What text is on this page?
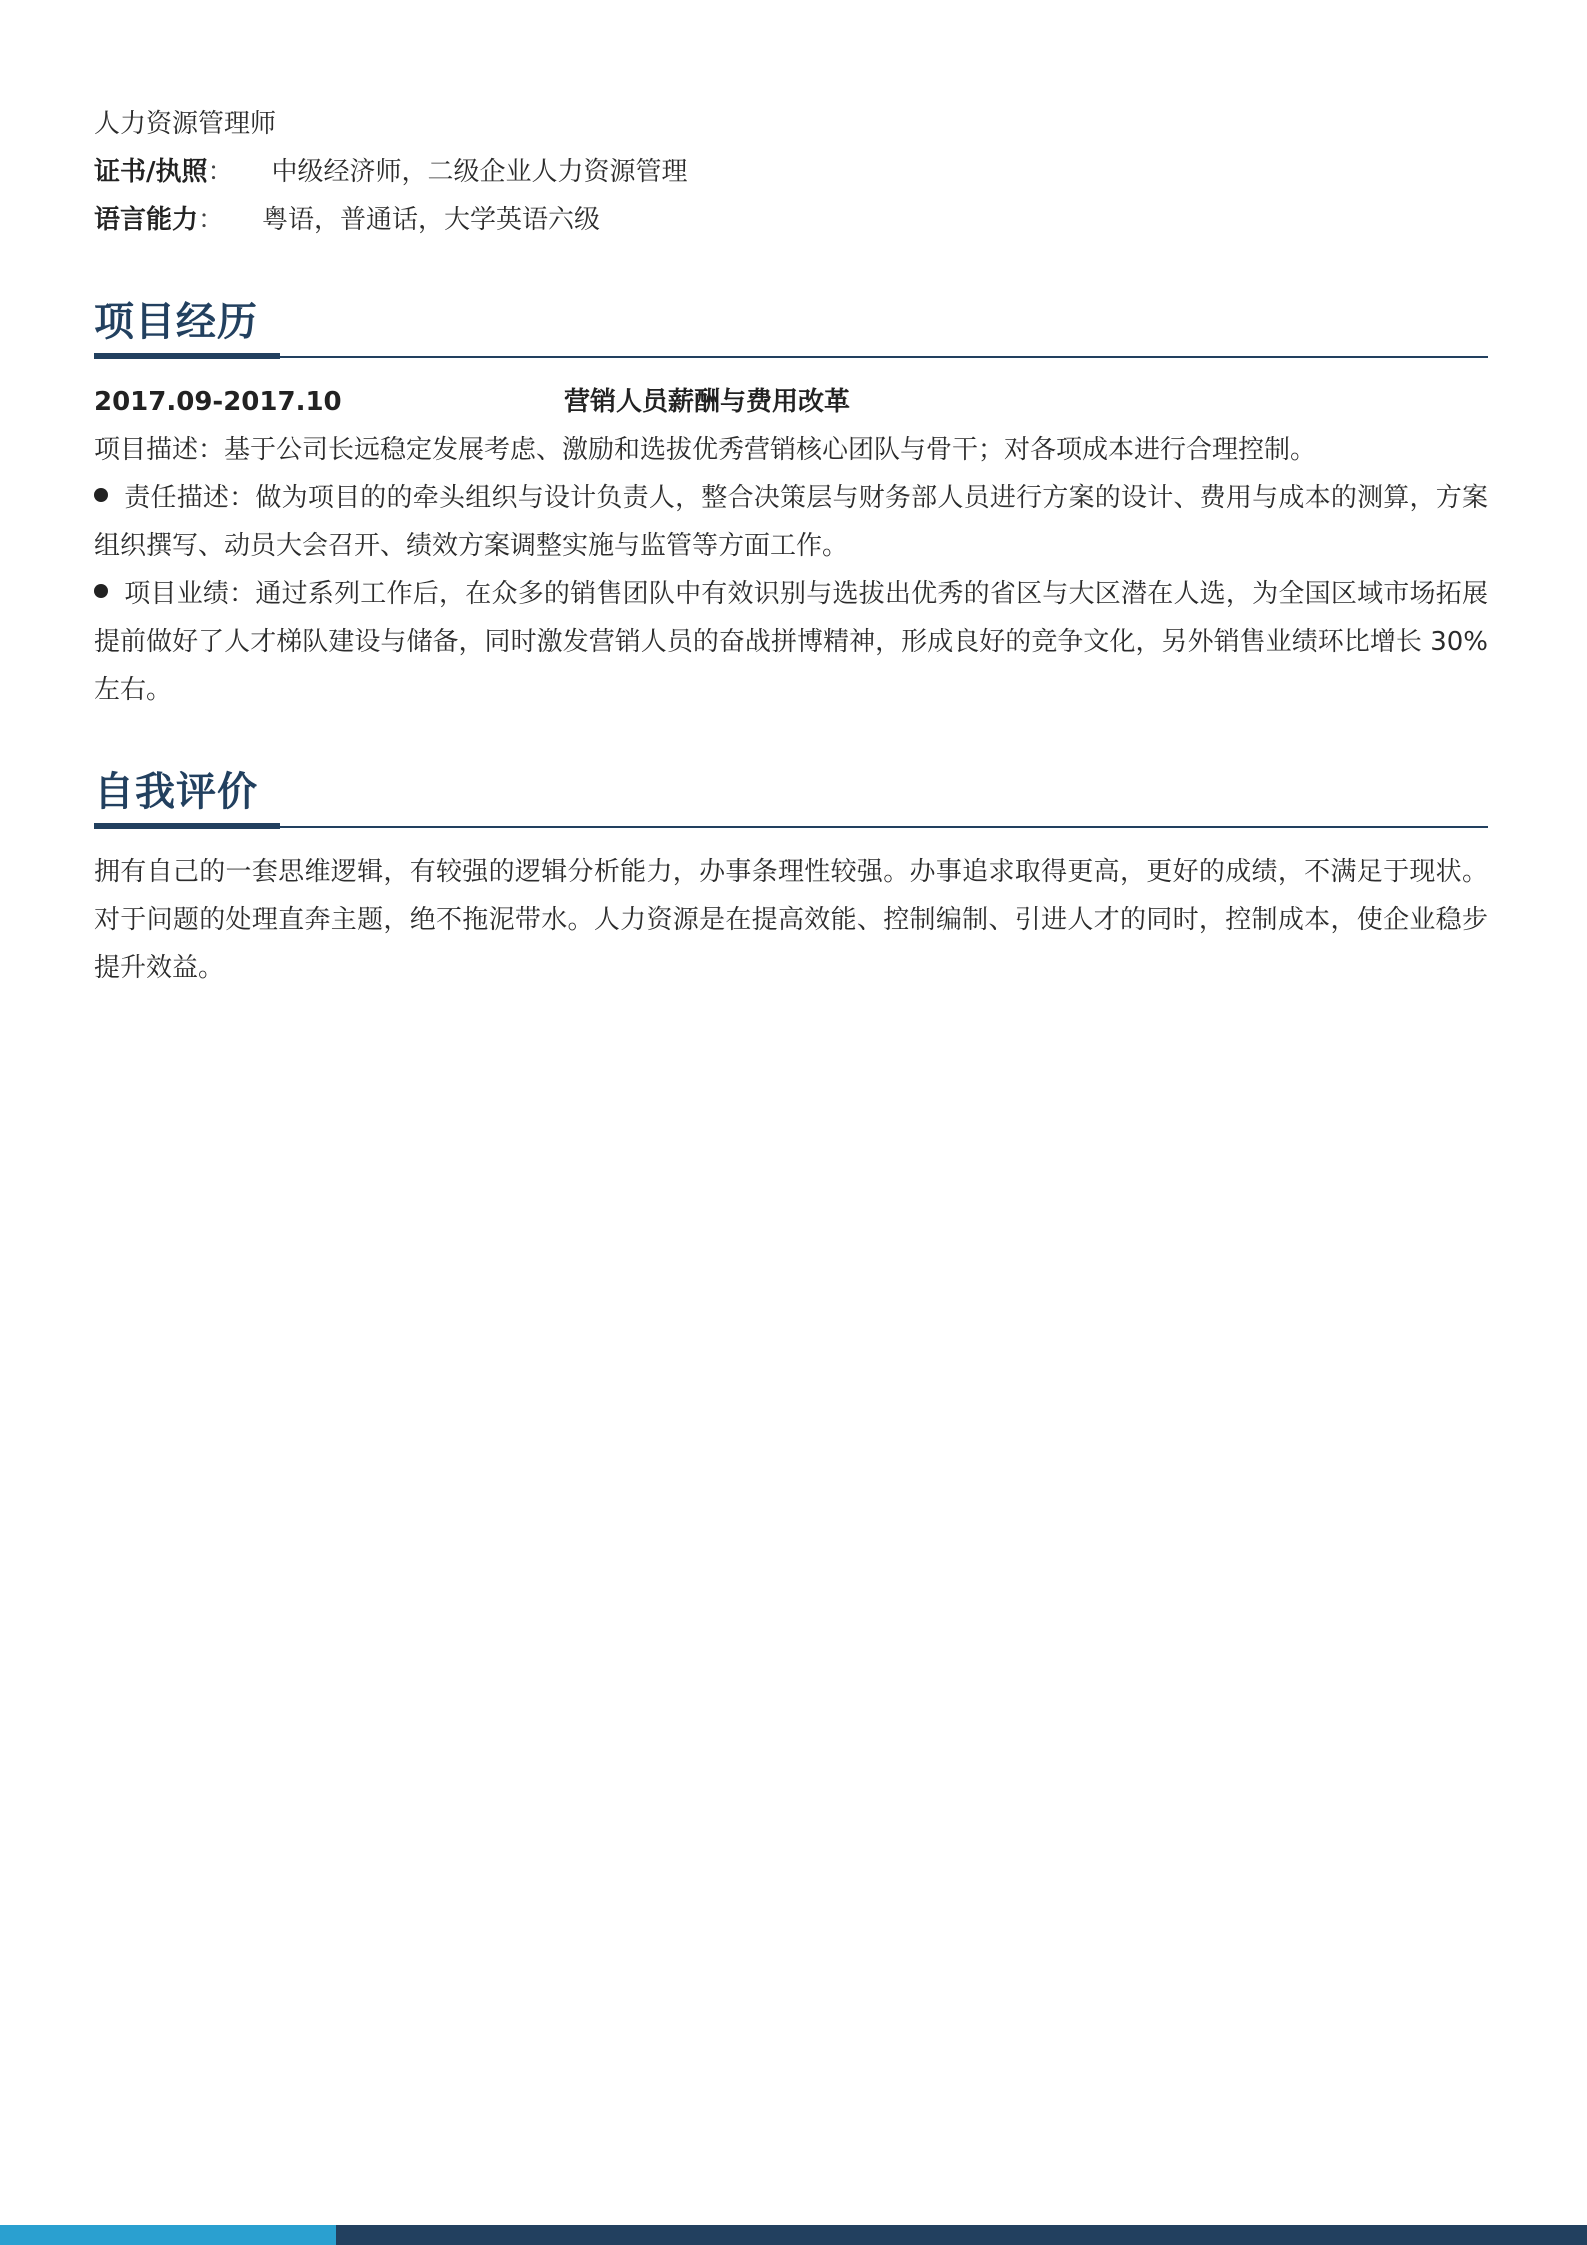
人力资源管理师
证书/执照 ： 中级经济师，二级企业人力资源管理
语言能力 ： 粤语，普通话，大学英语六级
项目经历
2017.09-2017.10	营销人员薪酬与费用改革
项目描述：基于公司长远稳定发展考虑、激励和选拔优秀营销核心团队与骨干；对各项成本进行合理控制。
责任描述：做为项目的的牵头组织与设计负责人，整合决策层与财务部人员进行方案的设计、费用与成本的测算，方案组织撰写、动员大会召开、绩效方案调整实施与监管等方面工作。
项目业绩：通过系列工作后，在众多的销售团队中有效识别与选拔出优秀的省区与大区潜在人选，为全国区域市场拓展提前做好了人才梯队建设与储备，同时激发营销人员的奋战拼博精神，形成良好的竞争文化，另外销售业绩环比增长 30%左右。
自我评价
拥有自己的一套思维逻辑，有较强的逻辑分析能力，办事条理性较强。办事追求取得更高，更好的成绩，不满足于现状。对于问题的处理直奔主题，绝不拖泥带水。人力资源是在提高效能、控制编制、引进人才的同时，控制成本，使企业稳步提升效益。
